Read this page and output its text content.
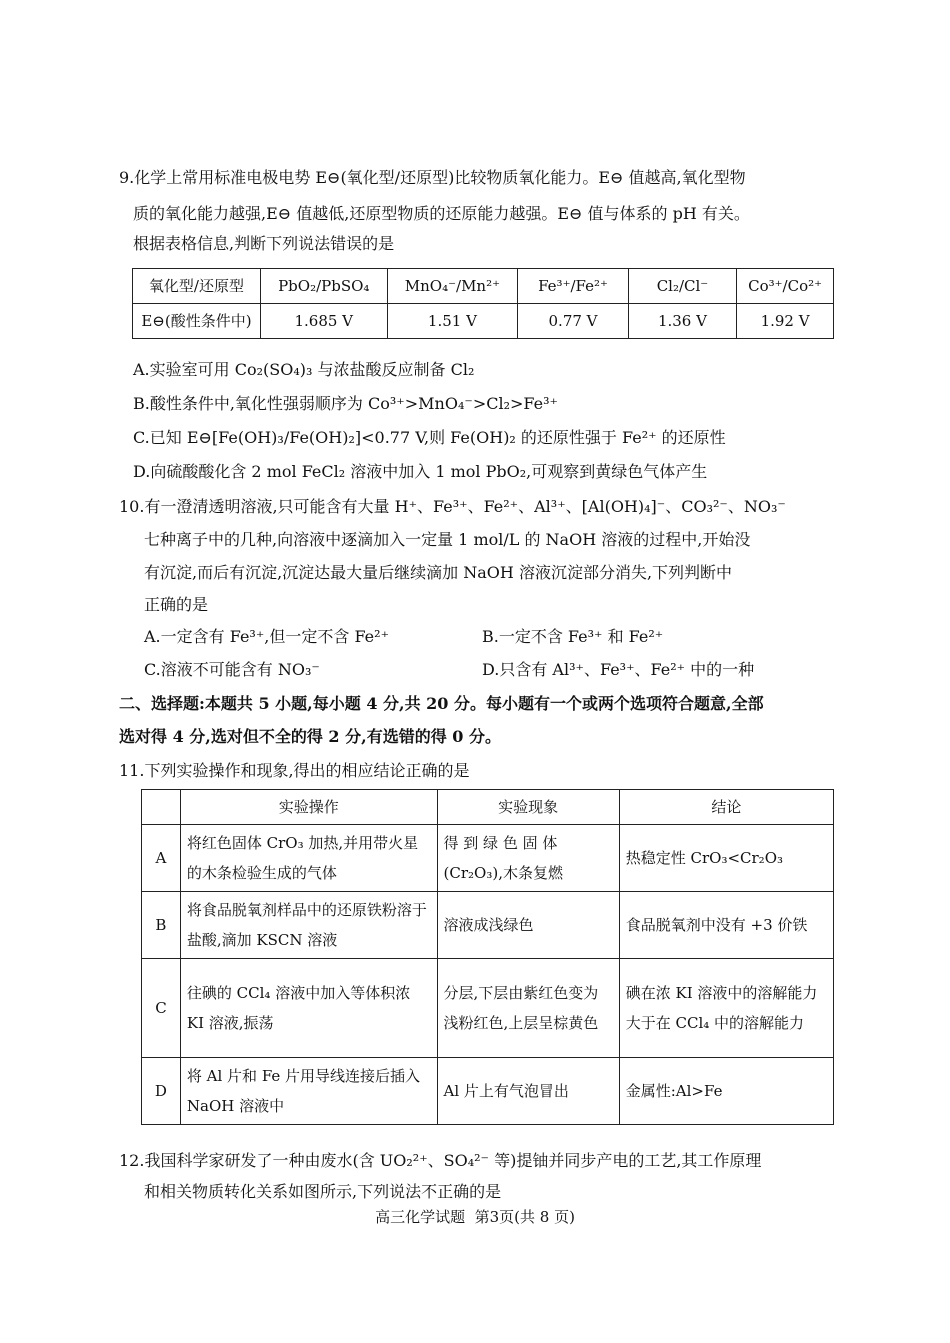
9.化学上常用标准电极电势 E⊖(氧化型/还原型)比较物质氧化能力。E⊖ 值越高,氧化型物
质的氧化能力越强,E⊖ 值越低,还原型物质的还原能力越强。E⊖ 值与体系的 pH 有关。
根据表格信息,判断下列说法错误的是
氧化型/还原型	PbO₂/PbSO₄	MnO₄⁻/Mn²⁺	Fe³⁺/Fe²⁺	Cl₂/Cl⁻	Co³⁺/Co²⁺
E⊖(酸性条件中)	1.685 V	1.51 V	0.77 V	1.36 V	1.92 V
A.实验室可用 Co₂(SO₄)₃ 与浓盐酸反应制备 Cl₂
B.酸性条件中,氧化性强弱顺序为 Co³⁺>MnO₄⁻>Cl₂>Fe³⁺
C.已知 E⊖[Fe(OH)₃/Fe(OH)₂]<0.77 V,则 Fe(OH)₂ 的还原性强于 Fe²⁺ 的还原性
D.向硫酸酸化含 2 mol FeCl₂ 溶液中加入 1 mol PbO₂,可观察到黄绿色气体产生
10.有一澄清透明溶液,只可能含有大量 H⁺、Fe³⁺、Fe²⁺、Al³⁺、[Al(OH)₄]⁻、CO₃²⁻、NO₃⁻
七种离子中的几种,向溶液中逐滴加入一定量 1 mol/L 的 NaOH 溶液的过程中,开始没
有沉淀,而后有沉淀,沉淀达最大量后继续滴加 NaOH 溶液沉淀部分消失,下列判断中
正确的是
A.一定含有 Fe³⁺,但一定不含 Fe²⁺	B.一定不含 Fe³⁺ 和 Fe²⁺
C.溶液不可能含有 NO₃⁻	D.只含有 Al³⁺、Fe³⁺、Fe²⁺ 中的一种
二、选择题:本题共 5 小题,每小题 4 分,共 20 分。每小题有一个或两个选项符合题意,全部
选对得 4 分,选对但不全的得 2 分,有选错的得 0 分。
11.下列实验操作和现象,得出的相应结论正确的是
	实验操作	实验现象	结论
A	将红色固体 CrO₃ 加热,并用带火星的木条检验生成的气体	得 到 绿 色 固 体 (Cr₂O₃),木条复燃	热稳定性 CrO₃<Cr₂O₃
B	将食品脱氧剂样品中的还原铁粉溶于盐酸,滴加 KSCN 溶液	溶液成浅绿色	食品脱氧剂中没有 +3 价铁
C	往碘的 CCl₄ 溶液中加入等体积浓 KI 溶液,振荡	分层,下层由紫红色变为浅粉红色,上层呈棕黄色	碘在浓 KI 溶液中的溶解能力大于在 CCl₄ 中的溶解能力
D	将 Al 片和 Fe 片用导线连接后插入 NaOH 溶液中	Al 片上有气泡冒出	金属性:Al>Fe
12.我国科学家研发了一种由废水(含 UO₂²⁺、SO₄²⁻ 等)提铀并同步产电的工艺,其工作原理
和相关物质转化关系如图所示,下列说法不正确的是
高三化学试题  第3页(共 8 页)
